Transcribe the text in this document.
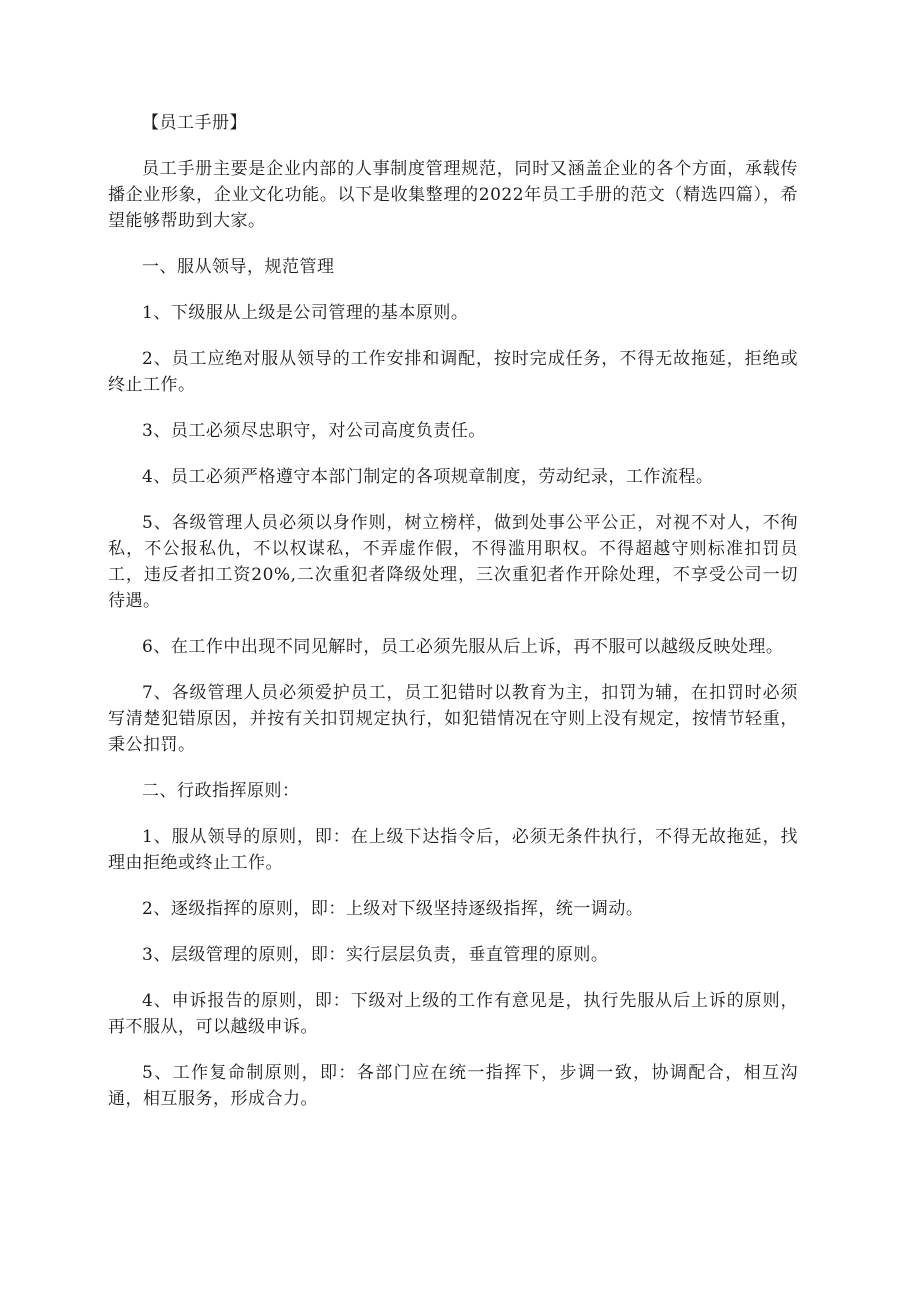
【员工手册】

员工手册主要是企业内部的人事制度管理规范，同时又涵盖企业的各个方面，承载传播企业形象，企业文化功能。以下是收集整理的2022年员工手册的范文（精选四篇），希望能够帮助到大家。

一、服从领导，规范管理

1、下级服从上级是公司管理的基本原则。

2、员工应绝对服从领导的工作安排和调配，按时完成任务，不得无故拖延，拒绝或终止工作。

3、员工必须尽忠职守，对公司高度负责任。

4、员工必须严格遵守本部门制定的各项规章制度，劳动纪录，工作流程。

5、各级管理人员必须以身作则，树立榜样，做到处事公平公正，对视不对人，不徇私，不公报私仇，不以权谋私，不弄虚作假，不得滥用职权。不得超越守则标准扣罚员工，违反者扣工资20%,二次重犯者降级处理，三次重犯者作开除处理，不享受公司一切待遇。

6、在工作中出现不同见解时，员工必须先服从后上诉，再不服可以越级反映处理。

7、各级管理人员必须爱护员工，员工犯错时以教育为主，扣罚为辅，在扣罚时必须写清楚犯错原因，并按有关扣罚规定执行，如犯错情况在守则上没有规定，按情节轻重，秉公扣罚。

二、行政指挥原则：

1、服从领导的原则，即：在上级下达指令后，必须无条件执行，不得无故拖延，找理由拒绝或终止工作。

2、逐级指挥的原则，即：上级对下级坚持逐级指挥，统一调动。

3、层级管理的原则，即：实行层层负责，垂直管理的原则。

4、申诉报告的原则，即：下级对上级的工作有意见是，执行先服从后上诉的原则，再不服从，可以越级申诉。

5、工作复命制原则，即：各部门应在统一指挥下，步调一致，协调配合，相互沟通，相互服务，形成合力。
